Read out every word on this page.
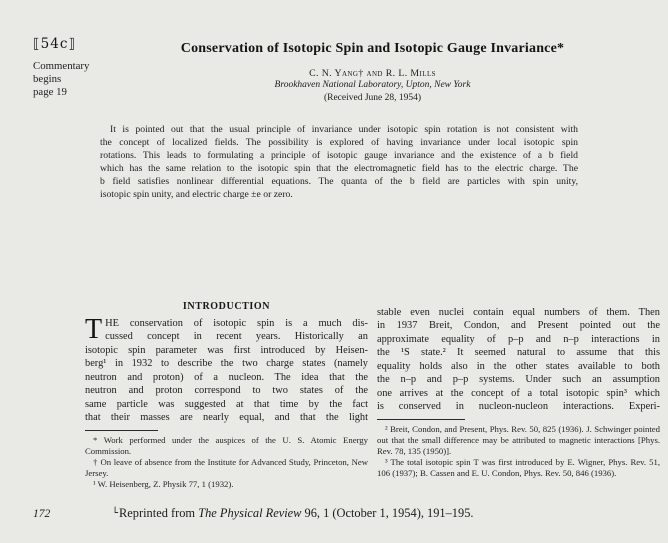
⟦54c⟧
Commentary
begins
page 19
Conservation of Isotopic Spin and Isotopic Gauge Invariance*
C. N. Yang† and R. L. Mills
Brookhaven National Laboratory, Upton, New York
(Received June 28, 1954)
It is pointed out that the usual principle of invariance under isotopic spin rotation is not consistent with
the concept of localized fields. The possibility is explored of having invariance under local isotopic spin
rotations. This leads to formulating a principle of isotopic gauge invariance and the existence of a b field
which has the same relation to the isotopic spin that the electromagnetic field has to the electric charge. The
b field satisfies nonlinear differential equations. The quanta of the b field are particles with spin unity,
isotopic spin unity, and electric charge ±e or zero.
INTRODUCTION
T HE conservation of isotopic spin is a much dis-
cussed concept in recent years. Historically an
isotopic spin parameter was first introduced by Heisen-
berg¹ in 1932 to describe the two charge states (namely
neutron and proton) of a nucleon. The idea that the
neutron and proton correspond to two states of the
same particle was suggested at that time by the fact
that their masses are nearly equal, and that the light
* Work performed under the auspices of the U. S. Atomic Energy Commission.
† On leave of absence from the Institute for Advanced Study, Princeton, New Jersey.
¹ W. Heisenberg, Z. Physik 77, 1 (1932).
stable even nuclei contain equal numbers of them. Then
in 1937 Breit, Condon, and Present pointed out the
approximate equality of p–p and n–p interactions in
the ¹S state.² It seemed natural to assume that this
equality holds also in the other states available to both
the n–p and p–p systems. Under such an assumption
one arrives at the concept of a total isotopic spin³ which
is conserved in nucleon-nucleon interactions. Experi-
² Breit, Condon, and Present, Phys. Rev. 50, 825 (1936). J. Schwinger pointed out that the small difference may be attributed to magnetic interactions [Phys. Rev. 78, 135 (1950)].
³ The total isotopic spin T was first introduced by E. Wigner, Phys. Rev. 51, 106 (1937); B. Cassen and E. U. Condon, Phys. Rev. 50, 846 (1936).
172	└Reprinted from The Physical Review 96, 1 (October 1, 1954), 191–195.
